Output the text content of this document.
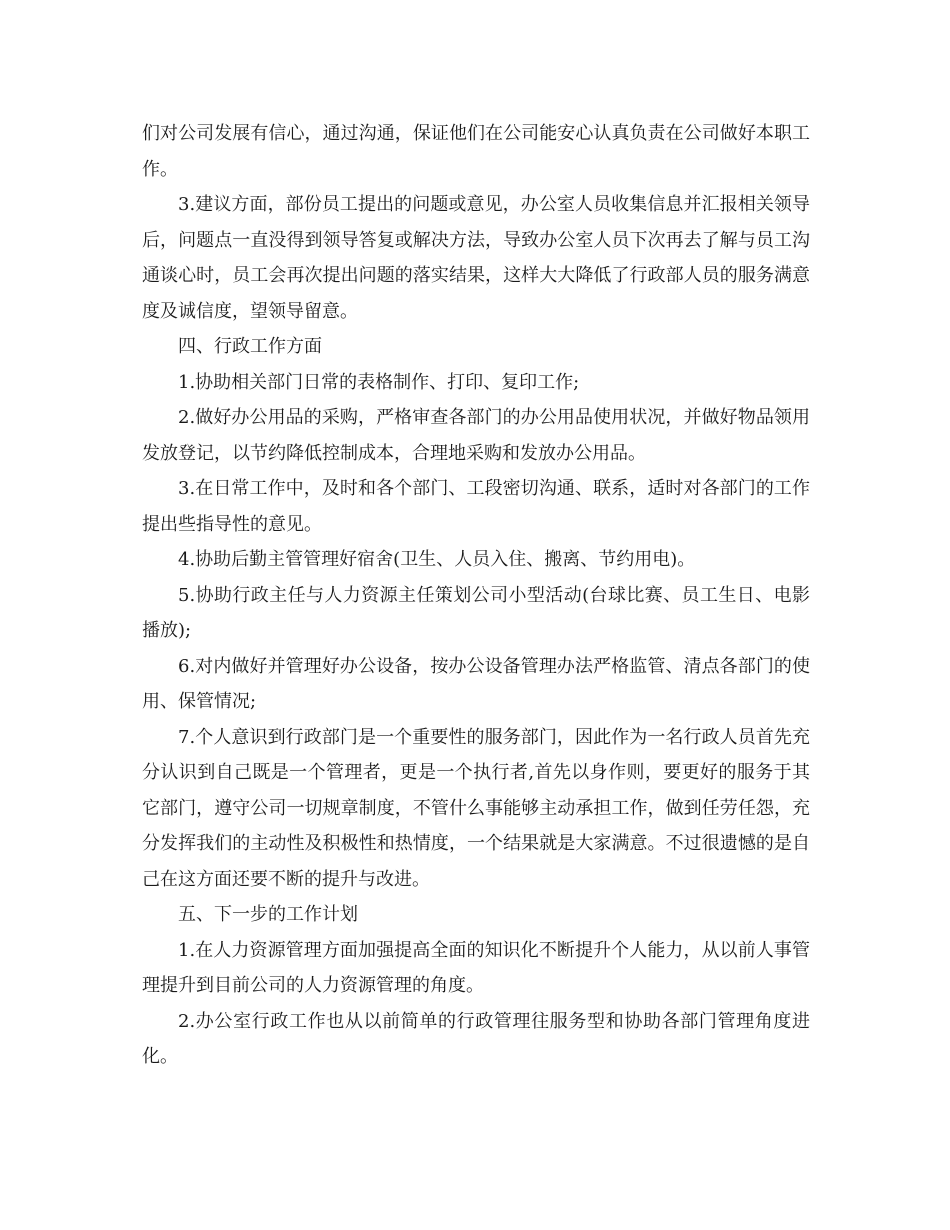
们对公司发展有信心，通过沟通，保证他们在公司能安心认真负责在公司做好本职工作。

3.建议方面，部份员工提出的问题或意见，办公室人员收集信息并汇报相关领导后，问题点一直没得到领导答复或解决方法，导致办公室人员下次再去了解与员工沟通谈心时，员工会再次提出问题的落实结果，这样大大降低了行政部人员的服务满意度及诚信度，望领导留意。

四、行政工作方面

1.协助相关部门日常的表格制作、打印、复印工作;

2.做好办公用品的采购，严格审查各部门的办公用品使用状况，并做好物品领用发放登记，以节约降低控制成本，合理地采购和发放办公用品。

3.在日常工作中，及时和各个部门、工段密切沟通、联系，适时对各部门的工作提出些指导性的意见。

4.协助后勤主管管理好宿舍(卫生、人员入住、搬离、节约用电)。

5.协助行政主任与人力资源主任策划公司小型活动(台球比赛、员工生日、电影播放);

6.对内做好并管理好办公设备，按办公设备管理办法严格监管、清点各部门的使用、保管情况;

7.个人意识到行政部门是一个重要性的服务部门，因此作为一名行政人员首先充分认识到自己既是一个管理者，更是一个执行者,首先以身作则，要更好的服务于其它部门，遵守公司一切规章制度，不管什么事能够主动承担工作，做到任劳任怨，充分发挥我们的主动性及积极性和热情度，一个结果就是大家满意。不过很遗憾的是自己在这方面还要不断的提升与改进。

五、下一步的工作计划

1.在人力资源管理方面加强提高全面的知识化不断提升个人能力，从以前人事管理提升到目前公司的人力资源管理的角度。

2.办公室行政工作也从以前简单的行政管理往服务型和协助各部门管理角度进化。
